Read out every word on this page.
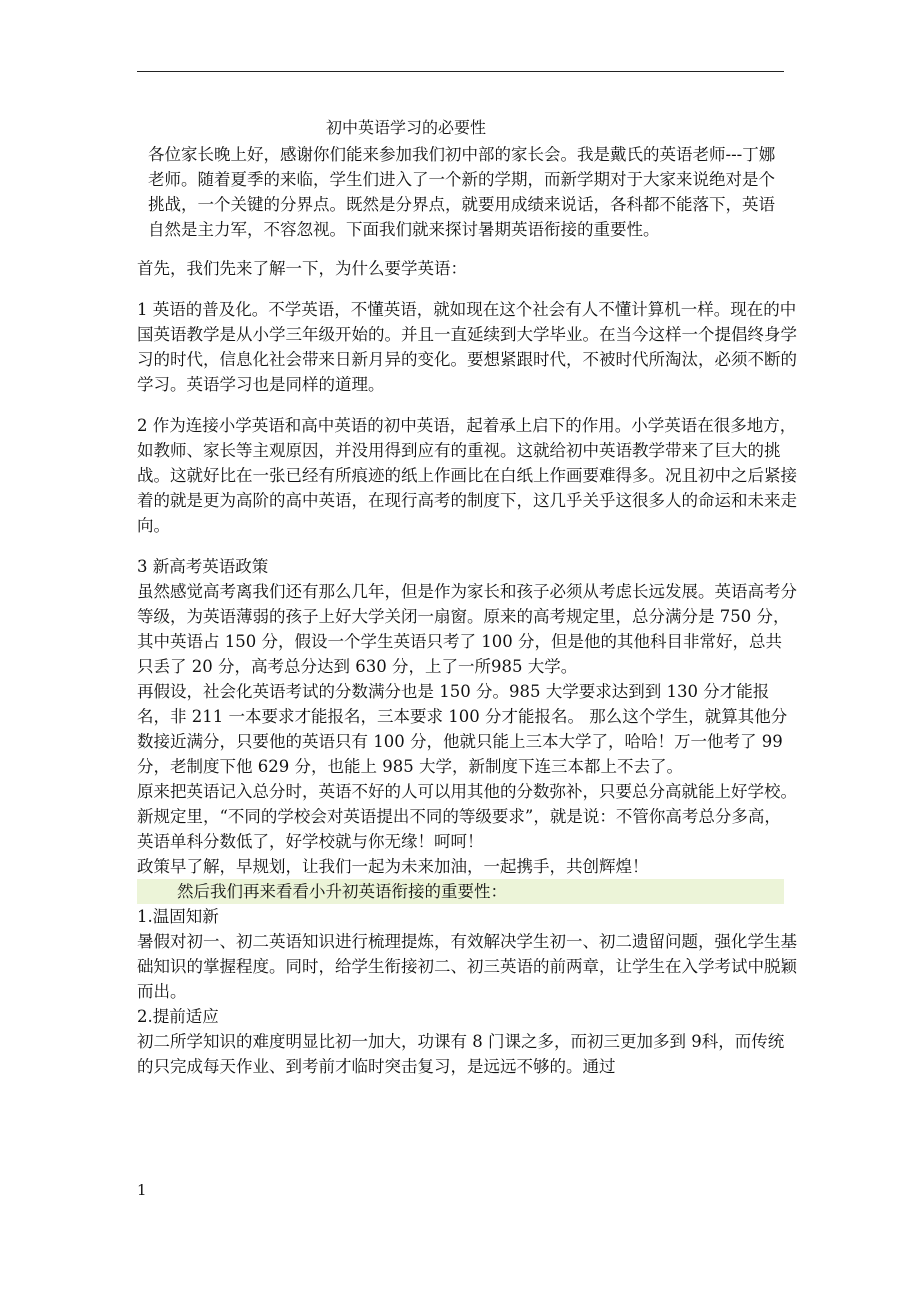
初中英语学习的必要性

各位家长晚上好，感谢你们能来参加我们初中部的家长会。我是戴氏的英语老师---丁娜老师。随着夏季的来临，学生们进入了一个新的学期，而新学期对于大家来说绝对是个挑战，一个关键的分界点。既然是分界点，就要用成绩来说话，各科都不能落下，英语自然是主力军，不容忽视。下面我们就来探讨暑期英语衔接的重要性。

首先，我们先来了解一下，为什么要学英语：

1 英语的普及化。不学英语，不懂英语，就如现在这个社会有人不懂计算机一样。现在的中国英语教学是从小学三年级开始的。并且一直延续到大学毕业。在当今这样一个提倡终身学习的时代，信息化社会带来日新月异的变化。要想紧跟时代，不被时代所淘汰，必须不断的学习。英语学习也是同样的道理。

2 作为连接小学英语和高中英语的初中英语，起着承上启下的作用。小学英语在很多地方，如教师、家长等主观原因，并没用得到应有的重视。这就给初中英语教学带来了巨大的挑战。这就好比在一张已经有所痕迹的纸上作画比在白纸上作画要难得多。况且初中之后紧接着的就是更为高阶的高中英语，在现行高考的制度下，这几乎关乎这很多人的命运和未来走向。

3 新高考英语政策

虽然感觉高考离我们还有那么几年，但是作为家长和孩子必须从考虑长远发展。英语高考分等级，为英语薄弱的孩子上好大学关闭一扇窗。原来的高考规定里，总分满分是 750 分，其中英语占 150 分，假设一个学生英语只考了 100 分，但是他的其他科目非常好，总共只丢了 20 分，高考总分达到 630 分，上了一所985 大学。

再假设，社会化英语考试的分数满分也是 150 分。985 大学要求达到到 130 分才能报名，非 211 一本要求才能报名，三本要求 100 分才能报名。 那么这个学生，就算其他分数接近满分，只要他的英语只有 100 分，他就只能上三本大学了，哈哈！万一他考了 99 分，老制度下他 629 分，也能上 985 大学，新制度下连三本都上不去了。

原来把英语记入总分时，英语不好的人可以用其他的分数弥补，只要总分高就能上好学校。

新规定里，“不同的学校会对英语提出不同的等级要求”，就是说：不管你高考总分多高，英语单科分数低了，好学校就与你无缘！呵呵！

政策早了解，早规划，让我们一起为未来加油，一起携手，共创辉煌！

然后我们再来看看小升初英语衔接的重要性：

1.温固知新

暑假对初一、初二英语知识进行梳理提炼，有效解决学生初一、初二遗留问题，强化学生基础知识的掌握程度。同时，给学生衔接初二、初三英语的前两章，让学生在入学考试中脱颖而出。

2.提前适应

初二所学知识的难度明显比初一加大，功课有 8 门课之多，而初三更加多到 9科，而传统的只完成每天作业、到考前才临时突击复习，是远远不够的。通过

1
